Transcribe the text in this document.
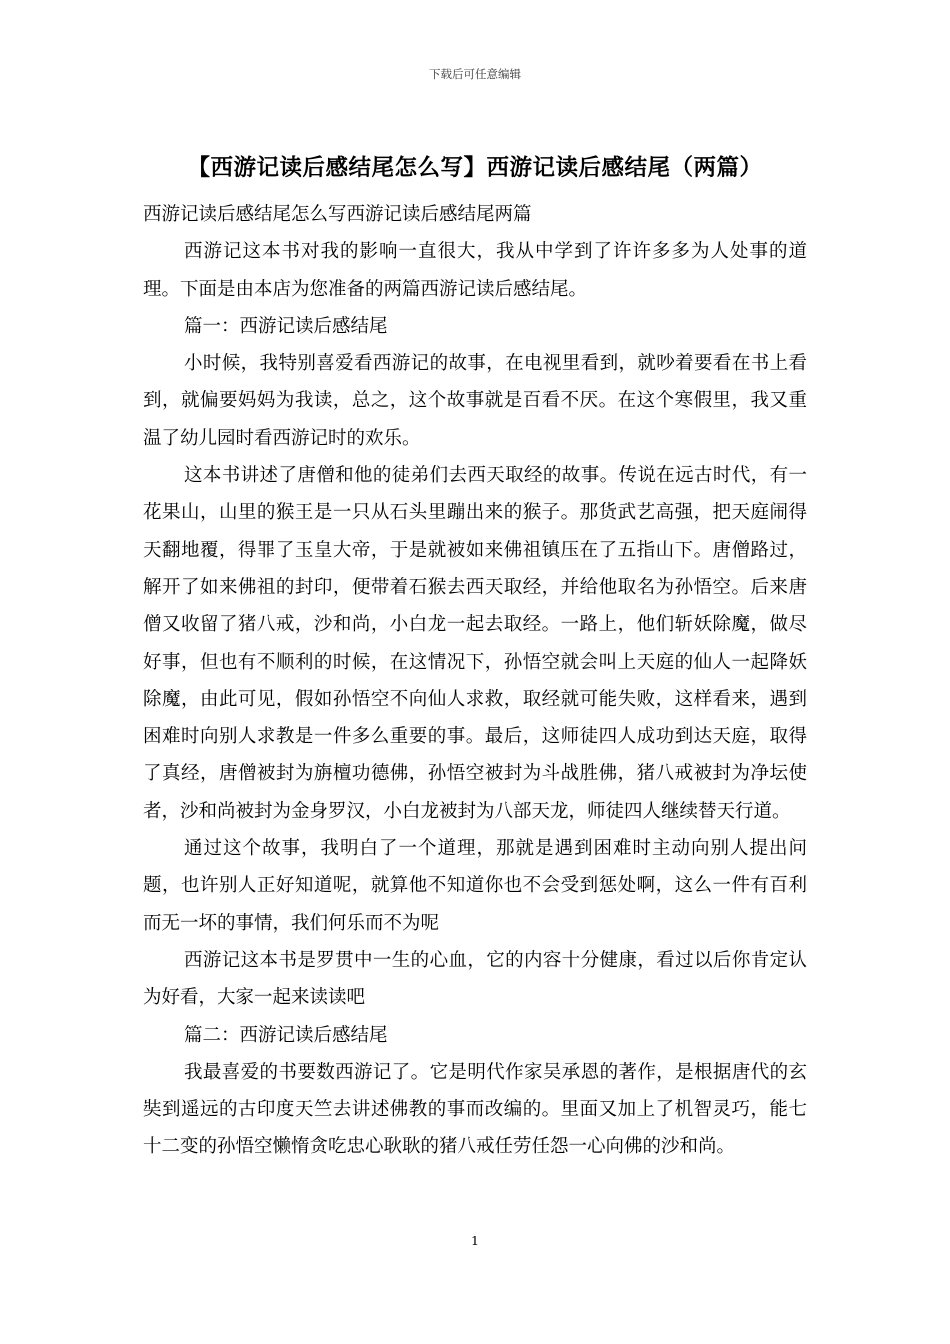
下载后可任意编辑
【西游记读后感结尾怎么写】西游记读后感结尾（两篇）

西游记读后感结尾怎么写西游记读后感结尾两篇

西游记这本书对我的影响一直很大，我从中学到了许许多多为人处事的道理。下面是由本店为您准备的两篇西游记读后感结尾。

篇一：西游记读后感结尾

小时候，我特别喜爱看西游记的故事，在电视里看到，就吵着要看在书上看到，就偏要妈妈为我读，总之，这个故事就是百看不厌。在这个寒假里，我又重温了幼儿园时看西游记时的欢乐。

这本书讲述了唐僧和他的徒弟们去西天取经的故事。传说在远古时代，有一花果山，山里的猴王是一只从石头里蹦出来的猴子。那货武艺高强，把天庭闹得天翻地覆，得罪了玉皇大帝，于是就被如来佛祖镇压在了五指山下。唐僧路过，解开了如来佛祖的封印，便带着石猴去西天取经，并给他取名为孙悟空。后来唐僧又收留了猪八戒，沙和尚，小白龙一起去取经。一路上，他们斩妖除魔，做尽好事，但也有不顺利的时候，在这情况下，孙悟空就会叫上天庭的仙人一起降妖除魔，由此可见，假如孙悟空不向仙人求救，取经就可能失败，这样看来，遇到困难时向别人求教是一件多么重要的事。最后，这师徒四人成功到达天庭，取得了真经，唐僧被封为旃檀功德佛，孙悟空被封为斗战胜佛，猪八戒被封为净坛使者，沙和尚被封为金身罗汉，小白龙被封为八部天龙，师徒四人继续替天行道。

通过这个故事，我明白了一个道理，那就是遇到困难时主动向别人提出问题，也许别人正好知道呢，就算他不知道你也不会受到惩处啊，这么一件有百利而无一坏的事情，我们何乐而不为呢

西游记这本书是罗贯中一生的心血，它的内容十分健康，看过以后你肯定认为好看，大家一起来读读吧

篇二：西游记读后感结尾

我最喜爱的书要数西游记了。它是明代作家吴承恩的著作，是根据唐代的玄奘到遥远的古印度天竺去讲述佛教的事而改编的。里面又加上了机智灵巧，能七十二变的孙悟空懒惰贪吃忠心耿耿的猪八戒任劳任怨一心向佛的沙和尚。

1
